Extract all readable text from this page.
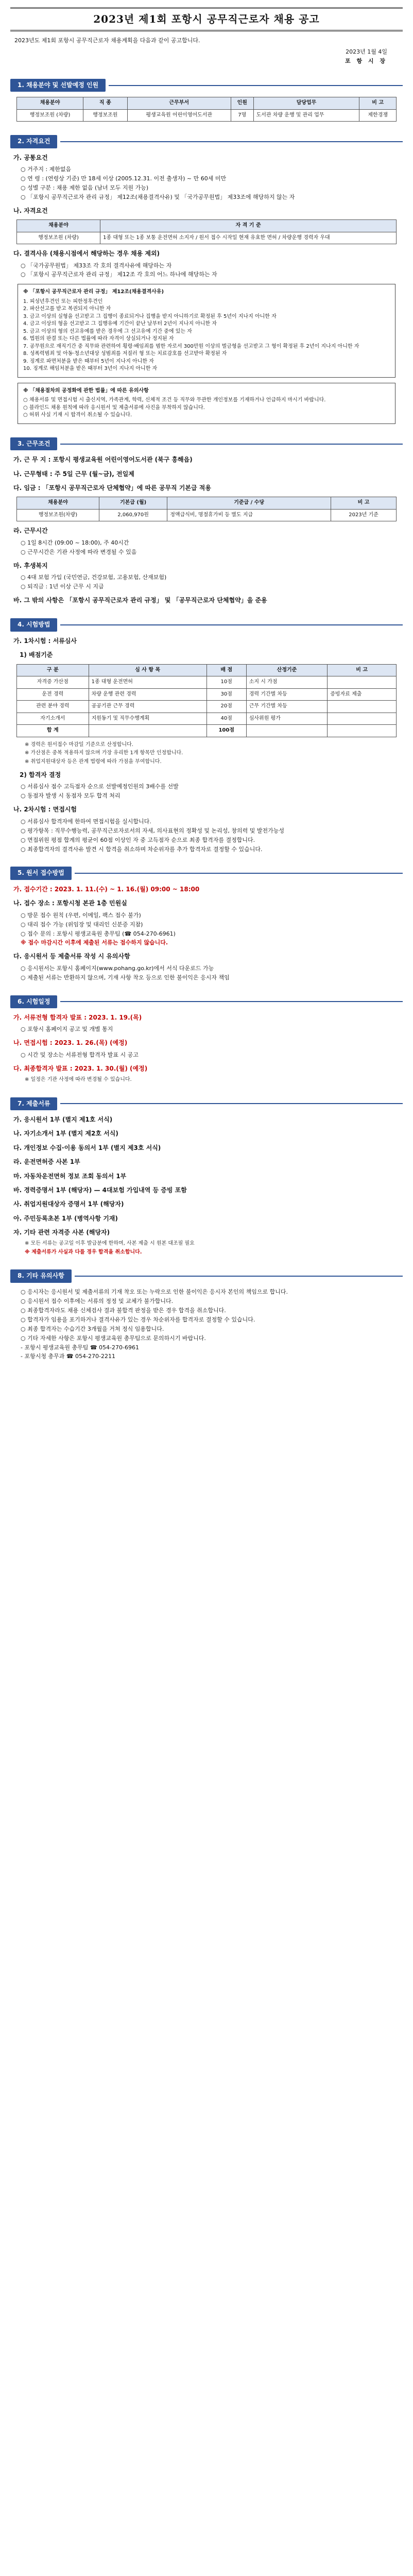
2023년 제1회 포항시 공무직근로자 채용 공고
2023년도 제1회 포항시 공무직근로자 채용계획을 다음과 같이 공고합니다.
2023년 1월 4일
포 항 시 장
1. 채용분야 및 선발예정 인원
채용분야	직 종	근무부서	인원	담당업무	비 고
행정보조원 (차량)	행정보조원	평생교육원 어린이영어도서관	7명	도서관 차량 운행 및 관리 업무	제한경쟁
2. 자격요건
가. 공통요건
○ 거주지 : 제한없음
○ 연 령 : (연령상 기준) 만 18세 이상 (2005.12.31. 이전 출생자) ~ 만 60세 미만
○ 성별 구분 : 채용 제한 없음 (남녀 모두 지원 가능)
○ 「포항시 공무직근로자 관리 규정」 제12조(채용결격사유) 및 「국가공무원법」 제33조에 해당하지 않는 자
나. 자격요건
채용분야	자 격 기 준
행정보조원 (차량)	1종 대형 또는 1종 보통 운전면허 소지자 / 원서 접수 시작일 현재 유효한 면허 / 차량운행 경력자 우대
다. 결격사유 (채용시점에서 해당하는 경우 채용 제외)
○ 「국가공무원법」 제33조 각 호의 결격사유에 해당하는 자
○ 「포항시 공무직근로자 관리 규정」 제12조 각 호의 어느 하나에 해당하는 자
※ 「포항시 공무직근로자 관리 규정」 제12조(채용결격사유)
1. 피성년후견인 또는 피한정후견인
2. 파산선고를 받고 복권되지 아니한 자
3. 금고 이상의 실형을 선고받고 그 집행이 종료되거나 집행을 받지 아니하기로 확정된 후 5년이 지나지 아니한 자
4. 금고 이상의 형을 선고받고 그 집행유예 기간이 끝난 날부터 2년이 지나지 아니한 자
5. 금고 이상의 형의 선고유예를 받은 경우에 그 선고유예 기간 중에 있는 자
6. 법원의 판결 또는 다른 법률에 따라 자격이 상실되거나 정지된 자
7. 공무원으로 재직기간 중 직무와 관련하여 횡령·배임죄를 범한 자로서 300만원 이상의 벌금형을 선고받고 그 형이 확정된 후 2년이 지나지 아니한 자
8. 성폭력범죄 및 아동·청소년대상 성범죄를 저질러 형 또는 치료감호를 선고받아 확정된 자
9. 징계로 파면처분을 받은 때부터 5년이 지나지 아니한 자
10. 징계로 해임처분을 받은 때부터 3년이 지나지 아니한 자
※ 「채용절차의 공정화에 관한 법률」에 따른 유의사항
○ 채용서류 및 면접시험 시 출신지역, 가족관계, 학력, 신체적 조건 등 직무와 무관한 개인정보를 기재하거나 언급하지 마시기 바랍니다.
○ 블라인드 채용 원칙에 따라 응시원서 및 제출서류에 사진을 부착하지 않습니다.
○ 허위 사실 기재 시 합격이 취소될 수 있습니다.
3. 근무조건
가. 근 무 지 : 포항시 평생교육원 어린이영어도서관 (북구 흥해읍)
나. 근무형태 : 주 5일 근무 (월~금), 전일제
다. 임금 : 「포항시 공무직근로자 단체협약」에 따른 공무직 기본급 적용
채용분야	기본급 (월)	기준급 / 수당	비 고
행정보조원(차량)	2,060,970원	정액급식비, 명절휴가비 등 별도 지급	2023년 기준
라. 근무시간
○ 1일 8시간 (09:00 ~ 18:00), 주 40시간
○ 근무시간은 기관 사정에 따라 변경될 수 있음
마. 후생복지
○ 4대 보험 가입 (국민연금, 건강보험, 고용보험, 산재보험)
○ 퇴직금 : 1년 이상 근무 시 지급
바. 그 밖의 사항은 「포항시 공무직근로자 관리 규정」 및 「공무직근로자 단체협약」을 준용
4. 시험방법
가. 1차시험 : 서류심사
1) 배점기준
구 분	심 사 항 목	배 점	산정기준	비 고
자격증 가산점	1종 대형 운전면허	10점	소지 시 가점	
운전 경력	차량 운행 관련 경력	30점	경력 기간별 차등	증빙자료 제출
관련 분야 경력	공공기관 근무 경력	20점	근무 기간별 차등	
자기소개서	지원동기 및 직무수행계획	40점	심사위원 평가	
합 계		100점		
※ 경력은 원서접수 마감일 기준으로 산정합니다.
※ 가산점은 중복 적용하지 않으며 가장 유리한 1개 항목만 인정합니다.
※ 취업지원대상자 등은 관계 법령에 따라 가점을 부여합니다.
2) 합격자 결정
○ 서류심사 점수 고득점자 순으로 선발예정인원의 3배수를 선발
○ 동점자 발생 시 동점자 모두 합격 처리
나. 2차시험 : 면접시험
○ 서류심사 합격자에 한하여 면접시험을 실시합니다.
○ 평가항목 : 직무수행능력, 공무직근로자로서의 자세, 의사표현의 정확성 및 논리성, 창의력 및 발전가능성
○ 면접위원 평점 합계의 평균이 60점 이상인 자 중 고득점자 순으로 최종 합격자를 결정합니다.
○ 최종합격자의 결격사유 발견 시 합격을 취소하며 차순위자를 추가 합격자로 결정할 수 있습니다.
5. 원서 접수방법
가. 접수기간 : 2023. 1. 11.(수) ~ 1. 16.(월) 09:00 ~ 18:00
나. 접수 장소 : 포항시청 본관 1층 민원실
○ 방문 접수 원칙 (우편, 이메일, 팩스 접수 불가)
○ 대리 접수 가능 (위임장 및 대리인 신분증 지참)
○ 접수 문의 : 포항시 평생교육원 총무팀 (☎ 054-270-6961)
※ 접수 마감시간 이후에 제출된 서류는 접수하지 않습니다.
다. 응시원서 등 제출서류 작성 시 유의사항
○ 응시원서는 포항시 홈페이지(www.pohang.go.kr)에서 서식 다운로드 가능
○ 제출된 서류는 반환하지 않으며, 기재 사항 착오 등으로 인한 불이익은 응시자 책임
6. 시험일정
가. 서류전형 합격자 발표 : 2023. 1. 19.(목)
○ 포항시 홈페이지 공고 및 개별 통지
나. 면접시험 : 2023. 1. 26.(목) (예정)
○ 시간 및 장소는 서류전형 합격자 발표 시 공고
다. 최종합격자 발표 : 2023. 1. 30.(월) (예정)
※ 일정은 기관 사정에 따라 변경될 수 있습니다.
7. 제출서류
가. 응시원서 1부 (별지 제1호 서식)
나. 자기소개서 1부 (별지 제2호 서식)
다. 개인정보 수집·이용 동의서 1부 (별지 제3호 서식)
라. 운전면허증 사본 1부
마. 자동차운전면허 정보 조회 동의서 1부
바. 경력증명서 1부 (해당자) — 4대보험 가입내역 등 증빙 포함
사. 취업지원대상자 증명서 1부 (해당자)
아. 주민등록초본 1부 (병역사항 기재)
자. 기타 관련 자격증 사본 (해당자)
※ 모든 서류는 공고일 이후 발급분에 한하며, 사본 제출 시 원본 대조필 필요
※ 제출서류가 사실과 다를 경우 합격을 취소합니다.
8. 기타 유의사항
○ 응시자는 응시원서 및 제출서류의 기재 착오 또는 누락으로 인한 불이익은 응시자 본인의 책임으로 합니다.
○ 응시원서 접수 이후에는 서류의 정정 및 교체가 불가합니다.
○ 최종합격자라도 채용 신체검사 결과 불합격 판정을 받은 경우 합격을 취소합니다.
○ 합격자가 임용을 포기하거나 결격사유가 있는 경우 차순위자를 합격자로 결정할 수 있습니다.
○ 최종 합격자는 수습기간 3개월을 거쳐 정식 임용합니다.
○ 기타 자세한 사항은 포항시 평생교육원 총무팀으로 문의하시기 바랍니다.
- 포항시 평생교육원 총무팀 ☎ 054-270-6961
- 포항시청 총무과 ☎ 054-270-2211
